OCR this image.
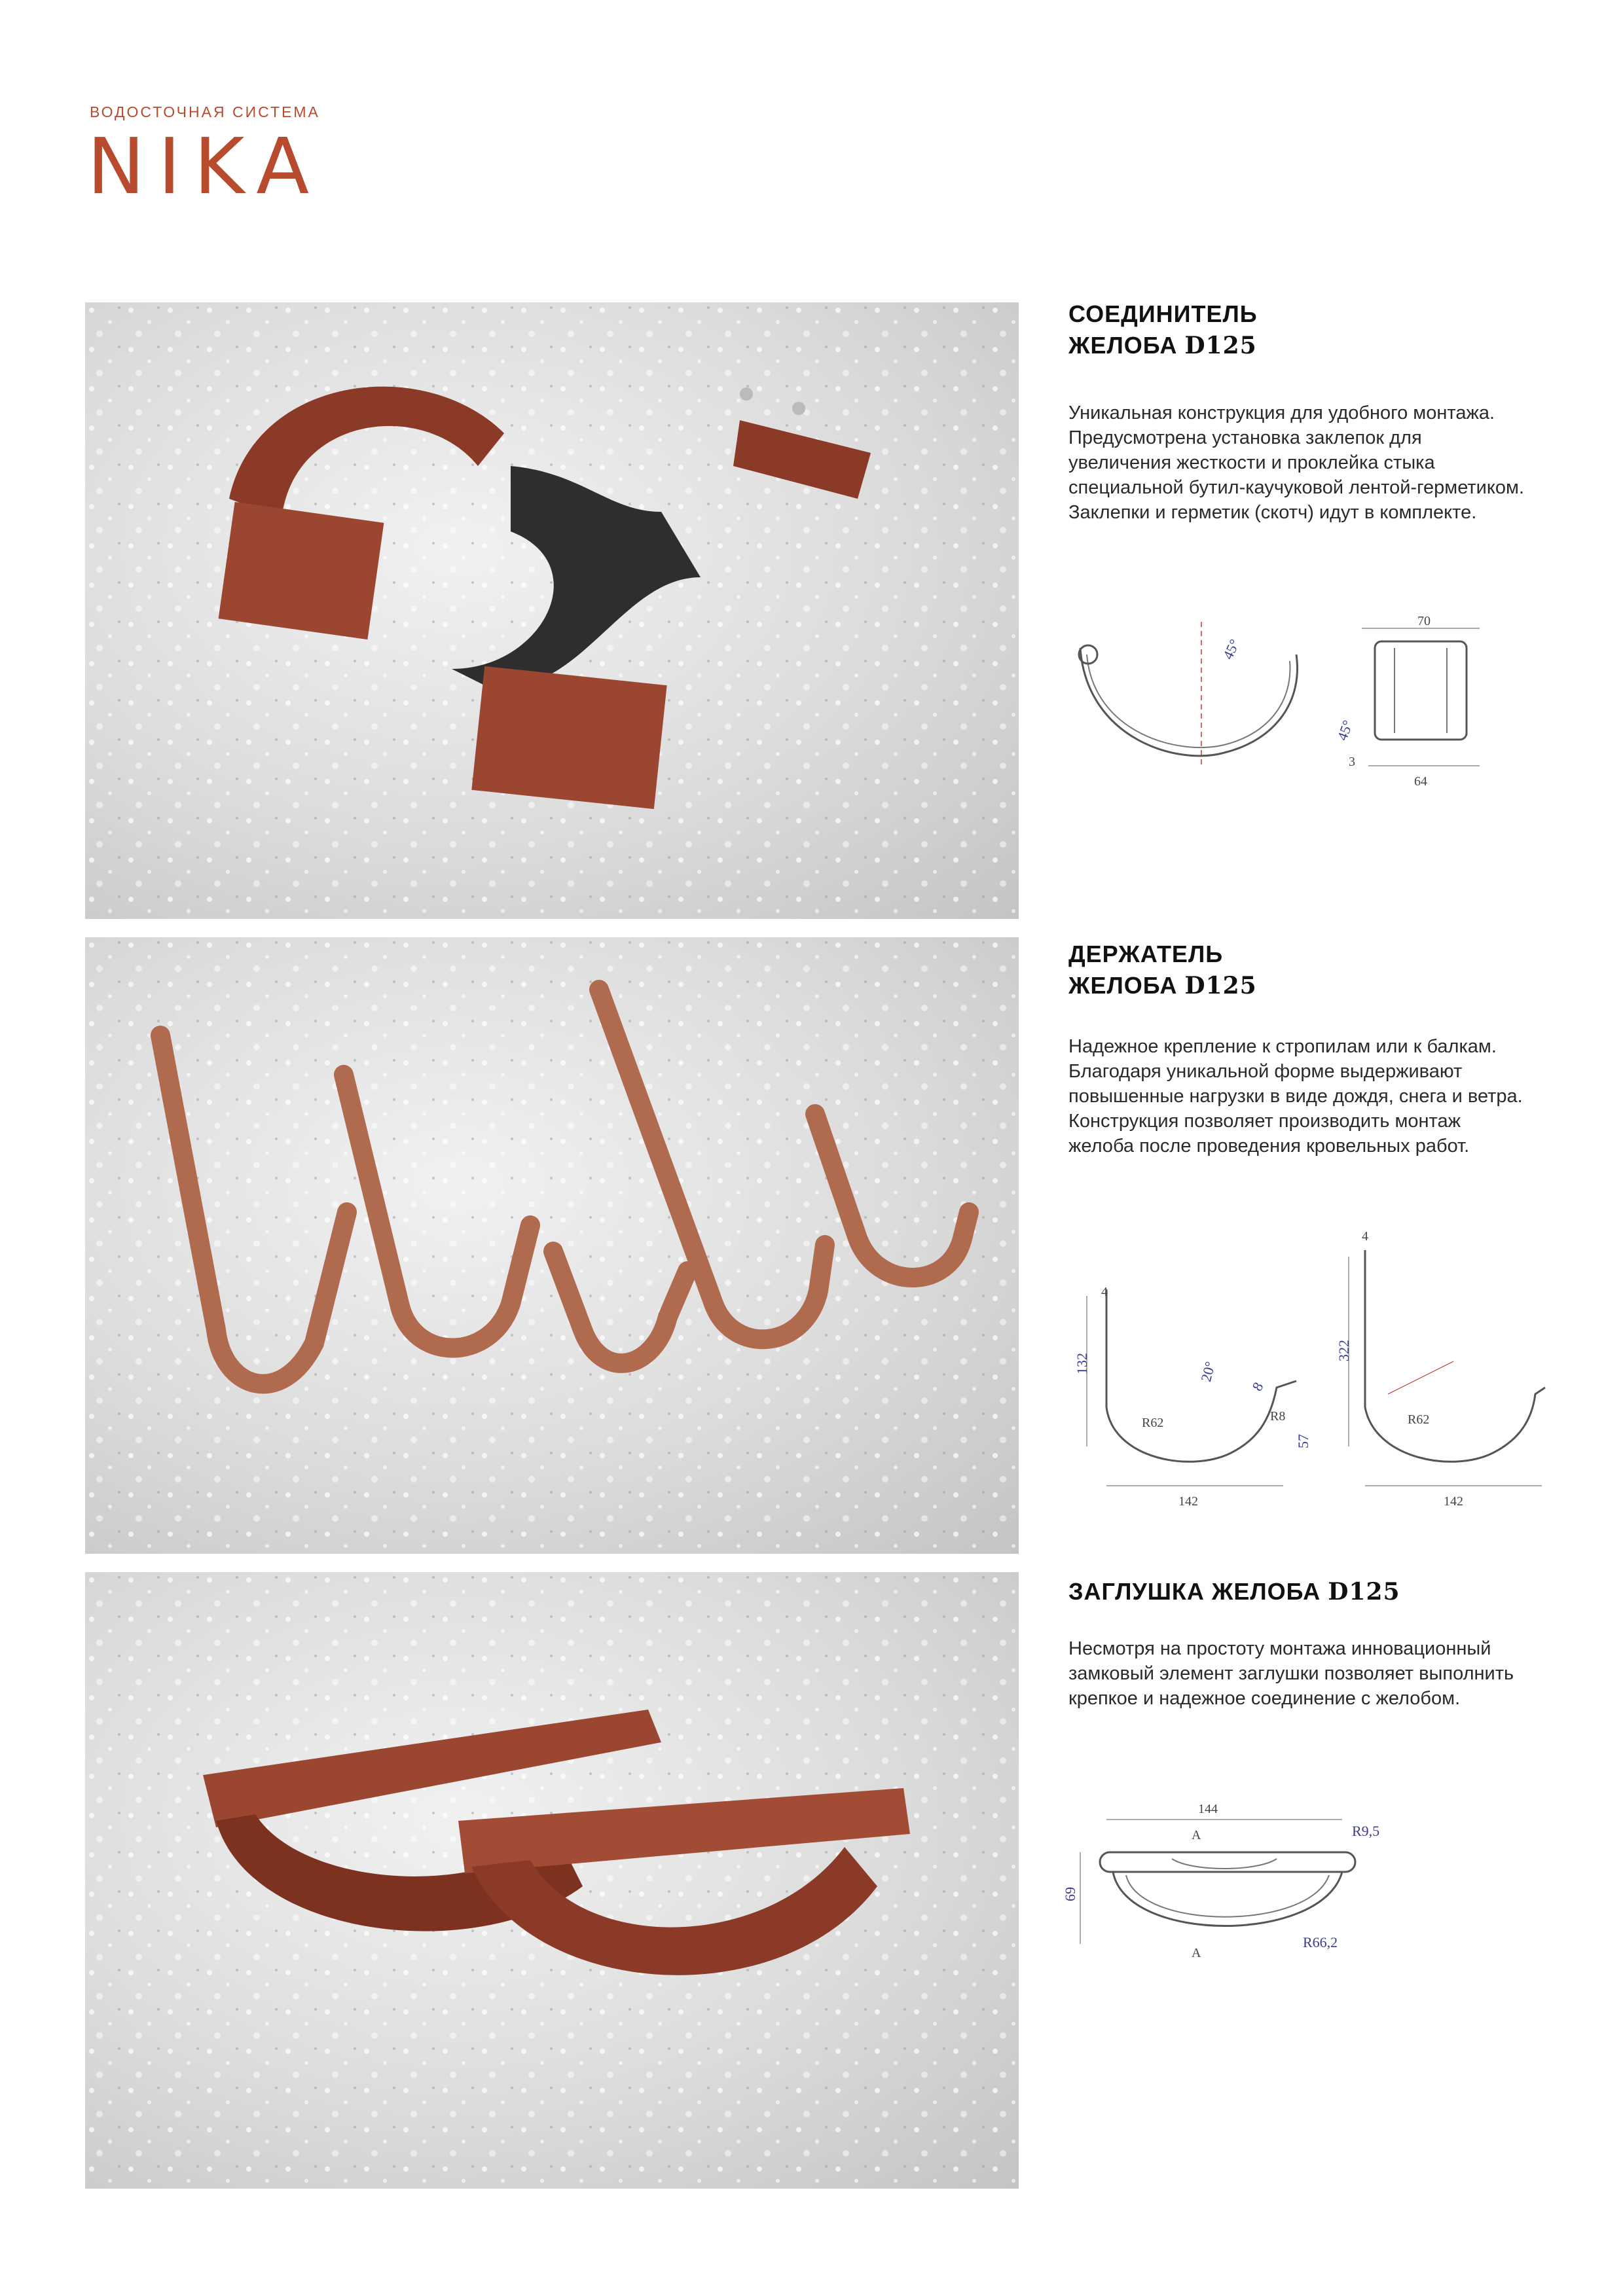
ВОДОСТОЧНАЯ СИСТЕМА
NIKA
СОЕДИНИТЕЛЬ
ЖЕЛОБА D125
Уникальная конструкция для удобного монтажа. Предусмотрена установка заклепок для увеличения жесткости и проклейка стыка специальной бутил-каучуковой лентой-герметиком. Заклепки и герметик (скотч) идут в комплекте.
45°
70
64
45°
3
ДЕРЖАТЕЛЬ
ЖЕЛОБА D125
Надежное крепление к стропилам или к балкам. Благодаря уникальной форме выдерживают повышенные нагрузки в виде дождя, снега и ветра. Конструкция позволяет производить монтаж желоба после проведения кровельных работ.
132
4
20°
8
R62	R8
57
142
322
4
R62
142
ЗАГЛУШКА ЖЕЛОБА D125
Несмотря на простоту монтажа инновационный замковый элемент заглушки позволяет выполнить крепкое и надежное соединение с желобом.
144
A	R9,5
69
R66,2
A
